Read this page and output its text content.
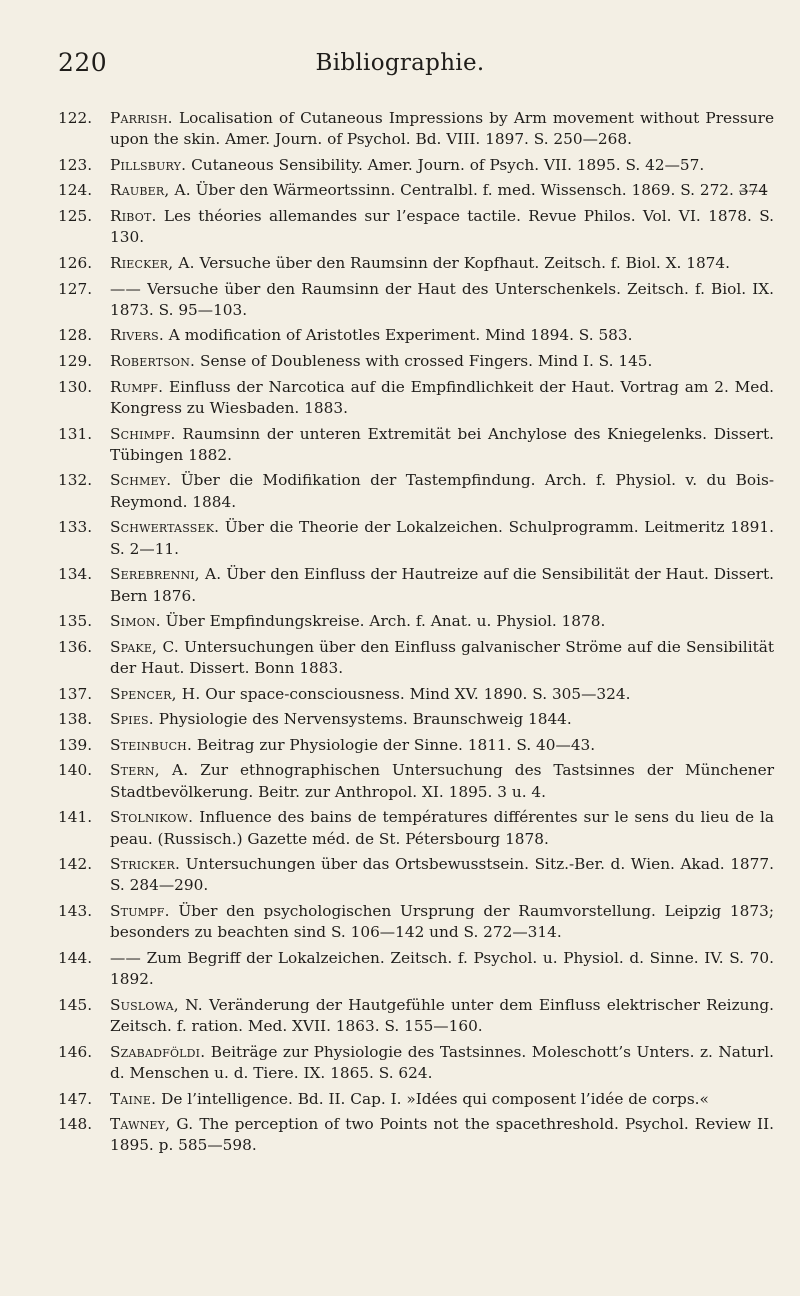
220	Bibliographie.
122.	Parrish. Localisation of Cutaneous Impressions by Arm movement without Pressure upon the skin. Amer. Journ. of Psychol. Bd. VIII. 1897. S. 250—268.
123.	Pillsbury. Cutaneous Sensibility. Amer. Journ. of Psych. VII. 1895. S. 42—57.
124.	Rauber, A. Über den Wärmeortssinn. Centralbl. f. med. Wissensch. 1869. S. 272. 3̶7̶4̶
125.	Ribot. Les théories allemandes sur l’espace tactile. Revue Philos. Vol. VI. 1878. S. 130.
126.	Riecker, A. Versuche über den Raumsinn der Kopfhaut. Zeitsch. f. Biol. X. 1874.
127.	—— Versuche über den Raumsinn der Haut des Unterschenkels. Zeitsch. f. Biol. IX. 1873. S. 95—103.
128.	Rivers. A modification of Aristotles Experiment. Mind 1894. S. 583.
129.	Robertson. Sense of Doubleness with crossed Fingers. Mind I. S. 145.
130.	Rumpf. Einfluss der Narcotica auf die Empfindlichkeit der Haut. Vortrag am 2. Med. Kongress zu Wiesbaden. 1883.
131.	Schimpf. Raumsinn der unteren Extremität bei Anchylose des Kniegelenks. Dissert. Tübingen 1882.
132.	Schmey. Über die Modifikation der Tastempfindung. Arch. f. Physiol. v. du Bois-Reymond. 1884.
133.	Schwertassek. Über die Theorie der Lokalzeichen. Schulprogramm. Leitmeritz 1891. S. 2—11.
134.	Serebrenni, A. Über den Einfluss der Hautreize auf die Sensibilität der Haut. Dissert. Bern 1876.
135.	Simon. Über Empfindungskreise. Arch. f. Anat. u. Physiol. 1878.
136.	Spake, C. Untersuchungen über den Einfluss galvanischer Ströme auf die Sensibilität der Haut. Dissert. Bonn 1883.
137.	Spencer, H. Our space-consciousness. Mind XV. 1890. S. 305—324.
138.	Spies. Physiologie des Nervensystems. Braunschweig 1844.
139.	Steinbuch. Beitrag zur Physiologie der Sinne. 1811. S. 40—43.
140.	Stern, A. Zur ethnographischen Untersuchung des Tastsinnes der Münchener Stadtbevölkerung. Beitr. zur Anthropol. XI. 1895. 3 u. 4.
141.	Stolnikow. Influence des bains de températures différentes sur le sens du lieu de la peau. (Russisch.) Gazette méd. de St. Pétersbourg 1878.
142.	Stricker. Untersuchungen über das Ortsbewusstsein. Sitz.-Ber. d. Wien. Akad. 1877. S. 284—290.
143.	Stumpf. Über den psychologischen Ursprung der Raumvorstellung. Leipzig 1873; besonders zu beachten sind S. 106—142 und S. 272—314.
144.	—— Zum Begriff der Lokalzeichen. Zeitsch. f. Psychol. u. Physiol. d. Sinne. IV. S. 70. 1892.
145.	Suslowa, N. Veränderung der Hautgefühle unter dem Einfluss elektrischer Reizung. Zeitsch. f. ration. Med. XVII. 1863. S. 155—160.
146.	Szabadföldi. Beiträge zur Physiologie des Tastsinnes. Moleschott’s Unters. z. Naturl. d. Menschen u. d. Tiere. IX. 1865. S. 624.
147.	Taine. De l’intelligence. Bd. II. Cap. I. »Idées qui composent l’idée de corps.«
148.	Tawney, G. The perception of two Points not the spacethreshold. Psychol. Review II. 1895. p. 585—598.
